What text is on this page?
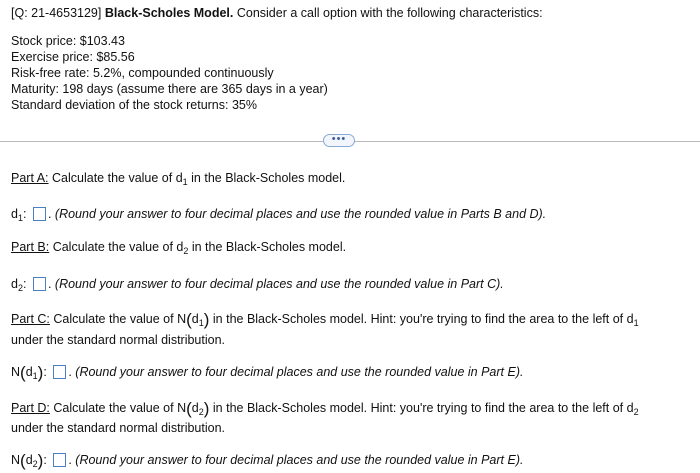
[Q: 21-4653129] Black-Scholes Model. Consider a call option with the following characteristics:
Stock price: $103.43
Exercise price: $85.56
Risk-free rate: 5.2%, compounded continuously
Maturity: 198 days (assume there are 365 days in a year)
Standard deviation of the stock returns: 35%
•••
Part A: Calculate the value of $d_1$ in the Black-Scholes model.
$d_1$: . (Round your answer to four decimal places and use the rounded value in Parts B and D).
Part B: Calculate the value of $d_2$ in the Black-Scholes model.
$d_2$: . (Round your answer to four decimal places and use the rounded value in Part C).
Part C: Calculate the value of $N(d_1)$ in the Black-Scholes model. Hint: you're trying to find the area to the left of $d_1$
under the standard normal distribution.
$N(d_1)$: . (Round your answer to four decimal places and use the rounded value in Part E).
Part D: Calculate the value of $N(d_2)$ in the Black-Scholes model. Hint: you're trying to find the area to the left of $d_2$
under the standard normal distribution.
$N(d_2)$: . (Round your answer to four decimal places and use the rounded value in Part E).
